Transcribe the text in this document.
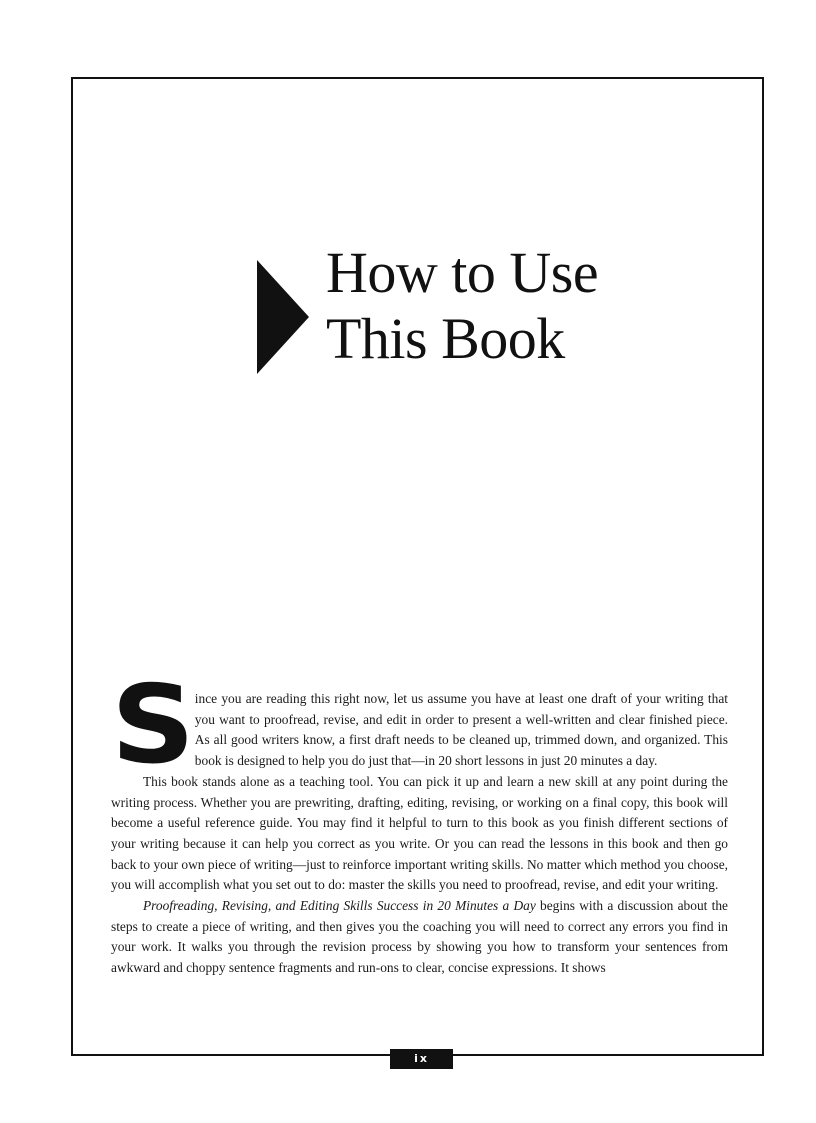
How to Use
This Book

Since you are reading this right now, let us assume you have at least one draft of your writing that you want to proofread, revise, and edit in order to present a well-written and clear finished piece. As all good writers know, a first draft needs to be cleaned up, trimmed down, and organized. This book is designed to help you do just that—in 20 short lessons in just 20 minutes a day.

This book stands alone as a teaching tool. You can pick it up and learn a new skill at any point during the writing process. Whether you are prewriting, drafting, editing, revising, or working on a final copy, this book will become a useful reference guide. You may find it helpful to turn to this book as you finish different sections of your writing because it can help you correct as you write. Or you can read the lessons in this book and then go back to your own piece of writing—just to reinforce important writing skills. No matter which method you choose, you will accomplish what you set out to do: master the skills you need to proofread, revise, and edit your writing.

Proofreading, Revising, and Editing Skills Success in 20 Minutes a Day begins with a discussion about the steps to create a piece of writing, and then gives you the coaching you will need to correct any errors you find in your work. It walks you through the revision process by showing you how to transform your sentences from awkward and choppy sentence fragments and run-ons to clear, concise expressions. It shows

ix
